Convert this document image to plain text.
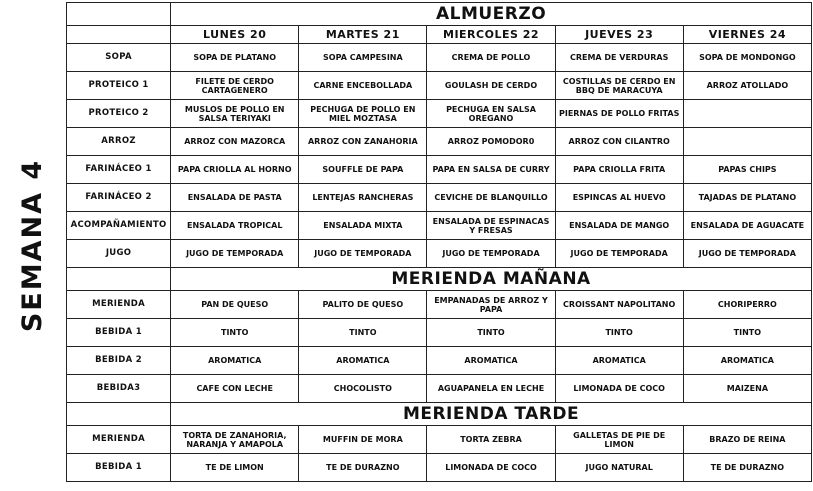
SEMANA 4
	ALMUERZO				
	LUNES 20	MARTES 21	MIERCOLES 22	JUEVES 23	VIERNES 24
SOPA	SOPA DE PLATANO	SOPA CAMPESINA	CREMA DE POLLO	CREMA DE VERDURAS	SOPA DE MONDONGO
PROTEICO 1	FILETE DE CERDO CARTAGENERO	CARNE ENCEBOLLADA	GOULASH DE CERDO	COSTILLAS DE CERDO EN BBQ DE MARACUYA	ARROZ ATOLLADO
PROTEICO 2	MUSLOS DE POLLO EN SALSA TERIYAKI	PECHUGA DE POLLO EN MIEL MOZTASA	PECHUGA EN SALSA OREGANO	PIERNAS DE POLLO FRITAS	
ARROZ	ARROZ CON MAZORCA	ARROZ CON ZANAHORIA	ARROZ POMODOR0	ARROZ CON CILANTRO	
FARINÁCEO 1	PAPA CRIOLLA AL HORNO	SOUFFLE DE PAPA	PAPA EN SALSA DE CURRY	PAPA CRIOLLA FRITA	PAPAS CHIPS
FARINÁCEO 2	ENSALADA DE PASTA	LENTEJAS RANCHERAS	CEVICHE DE BLANQUILLO	ESPINCAS AL HUEVO	TAJADAS DE PLATANO
ACOMPAÑAMIENTO	ENSALADA TROPICAL	ENSALADA MIXTA	ENSALADA DE ESPINACAS Y FRESAS	ENSALADA DE MANGO	ENSALADA DE AGUACATE
JUGO	JUGO DE TEMPORADA	JUGO DE TEMPORADA	JUGO DE TEMPORADA	JUGO DE TEMPORADA	JUGO DE TEMPORADA
	MERIENDA MAÑANA				
MERIENDA	PAN DE QUESO	PALITO DE QUESO	EMPANADAS DE ARROZ Y PAPA	CROISSANT NAPOLITANO	CHORIPERRO
BEBIDA 1	TINTO	TINTO	TINTO	TINTO	TINTO
BEBIDA 2	AROMATICA	AROMATICA	AROMATICA	AROMATICA	AROMATICA
BEBIDA3	CAFE CON LECHE	CHOCOLISTO	AGUAPANELA EN LECHE	LIMONADA DE COCO	MAIZENA
	MERIENDA TARDE				
MERIENDA	TORTA DE ZANAHORIA, NARANJA Y AMAPOLA	MUFFIN DE MORA	TORTA ZEBRA	GALLETAS DE PIE DE LIMON	BRAZO DE REINA
BEBIDA 1	TE DE LIMON	TE DE DURAZNO	LIMONADA DE COCO	JUGO NATURAL	TE DE DURAZNO
